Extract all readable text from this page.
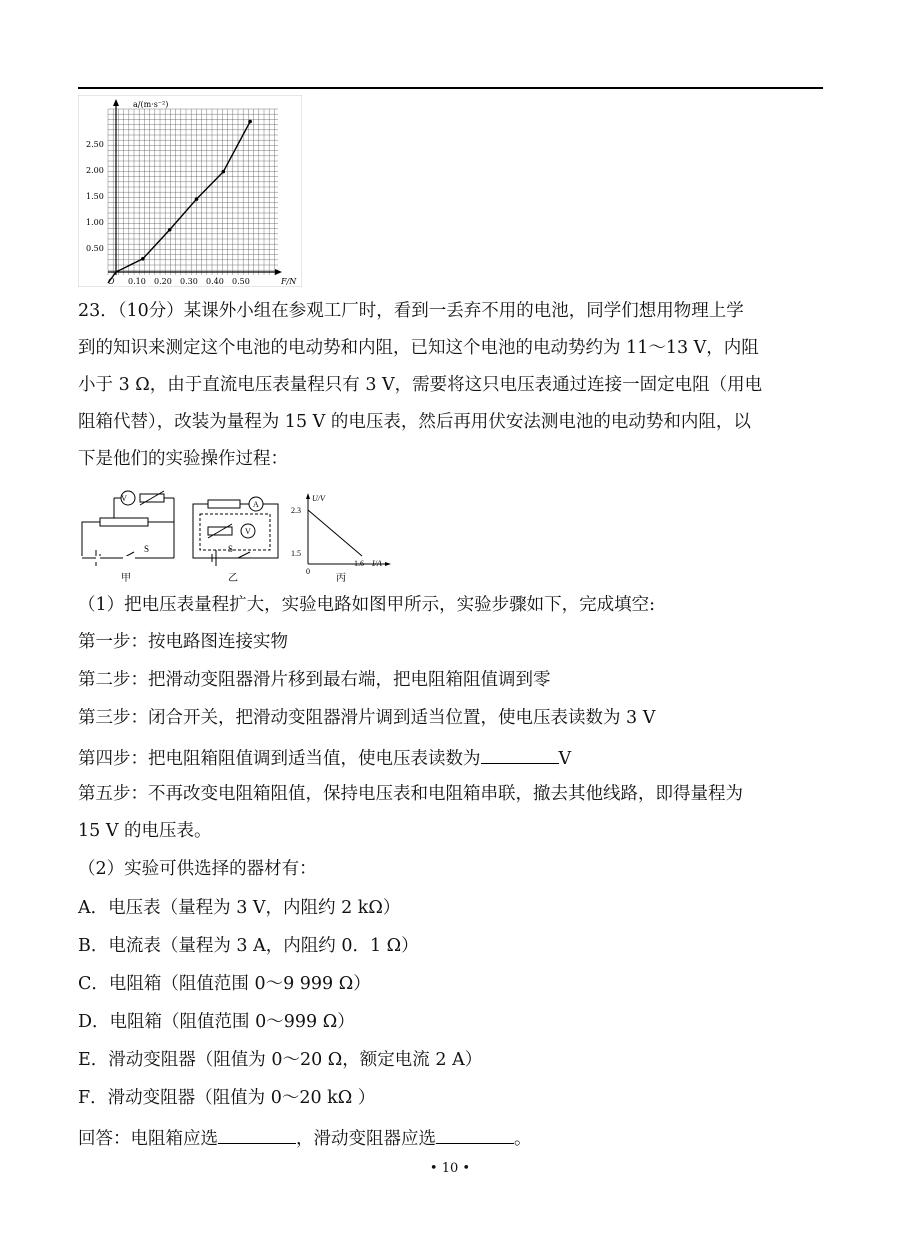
a/(m·s⁻²)
F/N
O
2.50
2.00
1.50
1.00
0.50
0.10 0.20 0.30 0.40 0.50
23．（10分）某课外小组在参观工厂时，看到一丢弃不用的电池，同学们想用物理上学
到的知识来测定这个电池的电动势和内阻，已知这个电池的电动势约为 11～13 V，内阻
小于 3 Ω，由于直流电压表量程只有 3 V，需要将这只电压表通过连接一固定电阻（用电
阻箱代替），改装为量程为 15 V 的电压表，然后再用伏安法测电池的电动势和内阻，以
下是他们的实验操作过程：
V
S
甲
A
V
S
乙
U/V
2.3
1.5
0
1.6 I/A
丙
（1）把电压表量程扩大，实验电路如图甲所示，实验步骤如下，完成填空:
第一步：按电路图连接实物
第二步：把滑动变阻器滑片移到最右端，把电阻箱阻值调到零
第三步：闭合开关，把滑动变阻器滑片调到适当位置，使电压表读数为 3 V
第四步：把电阻箱阻值调到适当值，使电压表读数为	V
第五步：不再改变电阻箱阻值，保持电压表和电阻箱串联，撤去其他线路，即得量程为
15 V 的电压表。
（2）实验可供选择的器材有：
A．电压表（量程为 3 V，内阻约 2 kΩ）
B．电流表（量程为 3 A，内阻约 0．1 Ω）
C．电阻箱（阻值范围 0～9 999 Ω）
D．电阻箱（阻值范围 0～999 Ω）
E．滑动变阻器（阻值为 0～20 Ω，额定电流 2 A）
F．滑动变阻器（阻值为 0～20 kΩ ）
回答：电阻箱应选	，滑动变阻器应选	。
• 10 •
